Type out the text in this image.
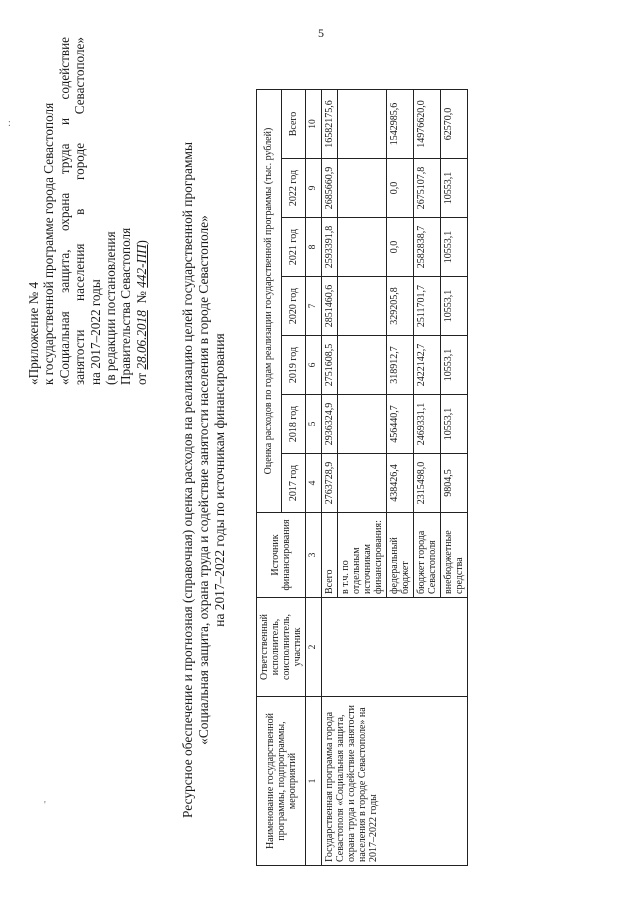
5
:
'
«Приложение № 4 к государственной программе города Севастополя «Социальная защита, охрана труда и содействие занятости населения в городе Севастополе» на 2017–2022 годы (в редакции постановления Правительства Севастополя от 28.06.2018  № 442-ПП) Ресурсное обеспечение и прогнозная (справочная) оценка расходов на реализацию целей государственной программы «Социальная защита, охрана труда и содействие занятости населения в городе Севастополе» на 2017–2022 годы по источникам финансирования
Наименование государственной программы, подпрограммы, мероприятий	Ответственный исполнитель, соисполнитель, участник	Источник финансирования	Оценка расходов по годам реализации государственной программы (тыс. рублей)						
			2017 год	2018 год	2019 год	2020 год	2021 год	2022 год	Всего
1	2	3	4	5	6	7	8	9	10
Государственная программа города Севастополя «Социальная защита, охрана труда и содействие занятости населения в городе Севастополе» на 2017–2022 годы		Всего	2763728,9	2936324,9	2751608,5	2851460,6	2593391,8	2685660,9	16582175,6
		в т.ч. по отдельным источникам финансирования:							
		федеральный бюджет	438426,4	456440,7	318912,7	329205,8	0,0	0,0	1542985,6
		бюджет города Севастополя	2315498,0	2469331,1	2422142,7	2511701,7	2582838,7	2675107,8	14976620,0
		внебюджетные средства	9804,5	10553,1	10553,1	10553,1	10553,1	10553,1	62570,0
